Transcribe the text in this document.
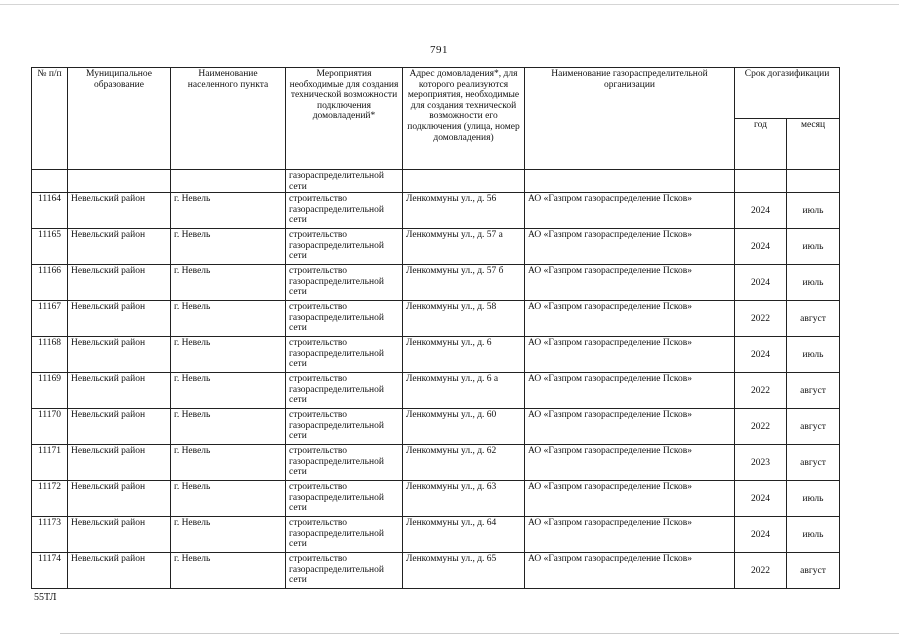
791
№ п/п	Муниципальное образование	Наименование населенного пункта	Мероприятия необходимые для создания технической возможности подключения домовладений*	Адрес домовладения*, для которого реализуются мероприятия, необходимые для создания технической возможности его подключения (улица, номер домовладения)	Наименование газораспределительной организации	Срок догазификации	
						год	месяц
			газораспределительной сети				
11164	Невельский район	г. Невель	строительство газораспределительной сети	Ленкоммуны ул., д. 56	АО «Газпром газораспределение Псков»	2024	июль
11165	Невельский район	г. Невель	строительство газораспределительной сети	Ленкоммуны ул., д. 57 а	АО «Газпром газораспределение Псков»	2024	июль
11166	Невельский район	г. Невель	строительство газораспределительной сети	Ленкоммуны ул., д. 57 б	АО «Газпром газораспределение Псков»	2024	июль
11167	Невельский район	г. Невель	строительство газораспределительной сети	Ленкоммуны ул., д. 58	АО «Газпром газораспределение Псков»	2022	август
11168	Невельский район	г. Невель	строительство газораспределительной сети	Ленкоммуны ул., д. 6	АО «Газпром газораспределение Псков»	2024	июль
11169	Невельский район	г. Невель	строительство газораспределительной сети	Ленкоммуны ул., д. 6 а	АО «Газпром газораспределение Псков»	2022	август
11170	Невельский район	г. Невель	строительство газораспределительной сети	Ленкоммуны ул., д. 60	АО «Газпром газораспределение Псков»	2022	август
11171	Невельский район	г. Невель	строительство газораспределительной сети	Ленкоммуны ул., д. 62	АО «Газпром газораспределение Псков»	2023	август
11172	Невельский район	г. Невель	строительство газораспределительной сети	Ленкоммуны ул., д. 63	АО «Газпром газораспределение Псков»	2024	июль
11173	Невельский район	г. Невель	строительство газораспределительной сети	Ленкоммуны ул., д. 64	АО «Газпром газораспределение Псков»	2024	июль
11174	Невельский район	г. Невель	строительство газораспределительной сети	Ленкоммуны ул., д. 65	АО «Газпром газораспределение Псков»	2022	август
55ТЛ
